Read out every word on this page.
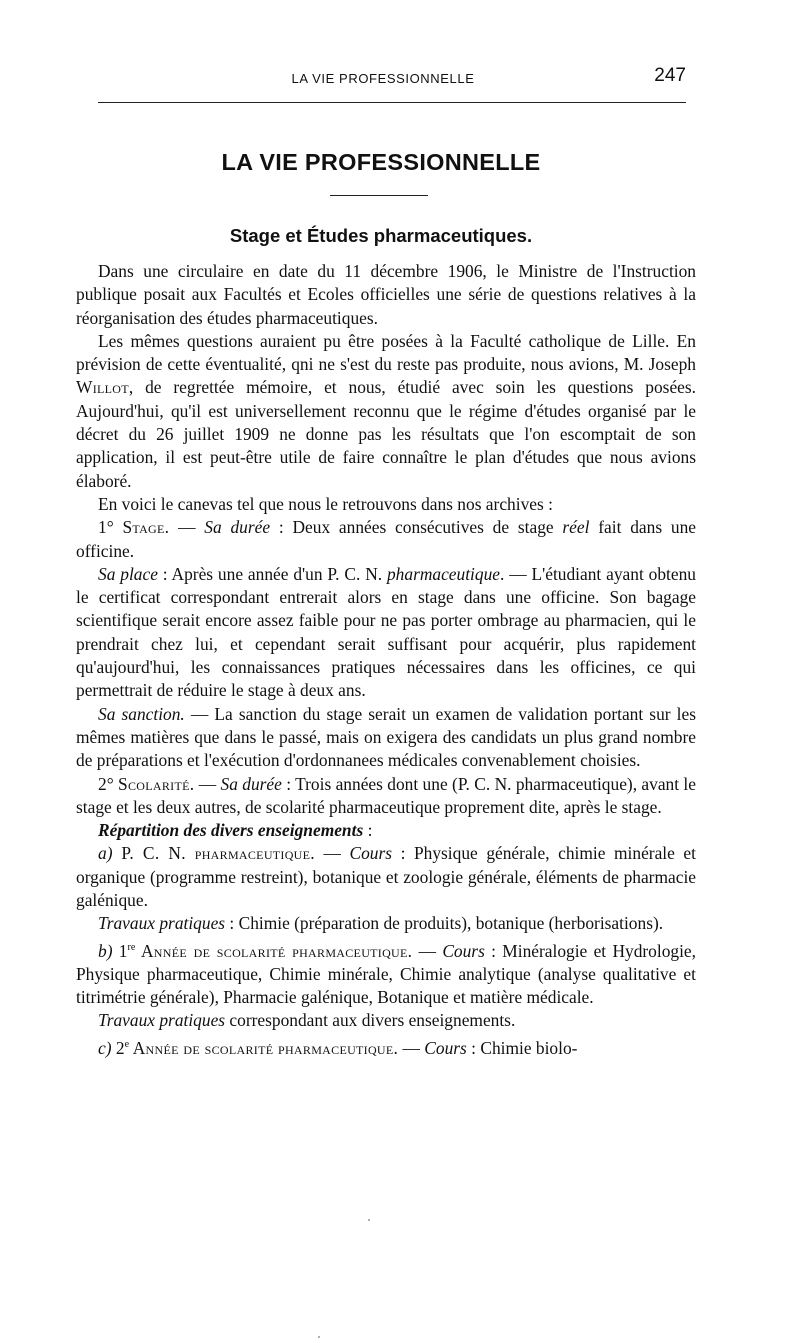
LA VIE PROFESSIONNELLE	247
LA VIE PROFESSIONNELLE
Stage et Études pharmaceutiques.

Dans une circulaire en date du 11 décembre 1906, le Ministre de l'Instruction publique posait aux Facultés et Ecoles officielles une série de questions relatives à la réorganisation des études pharmaceutiques.

Les mêmes questions auraient pu être posées à la Faculté catholique de Lille. En prévision de cette éventualité, qni ne s'est du reste pas produite, nous avions, M. Joseph Willot, de regrettée mémoire, et nous, étudié avec soin les questions posées. Aujourd'hui, qu'il est universellement reconnu que le régime d'études organisé par le décret du 26 juillet 1909 ne donne pas les résultats que l'on escomptait de son application, il est peut-être utile de faire connaître le plan d'études que nous avions élaboré.

En voici le canevas tel que nous le retrouvons dans nos archives :

1° Stage. — Sa durée : Deux années consécutives de stage réel fait dans une officine.

Sa place : Après une année d'un P. C. N. pharmaceutique. — L'étudiant ayant obtenu le certificat correspondant entrerait alors en stage dans une officine. Son bagage scientifique serait encore assez faible pour ne pas porter ombrage au pharmacien, qui le prendrait chez lui, et cependant serait suffisant pour acquérir, plus rapidement qu'aujourd'hui, les connaissances pratiques nécessaires dans les officines, ce qui permettrait de réduire le stage à deux ans.

Sa sanction. — La sanction du stage serait un examen de validation portant sur les mêmes matières que dans le passé, mais on exigera des candidats un plus grand nombre de préparations et l'exécution d'ordonnanees médicales convenablement choisies.

2° Scolarité. — Sa durée : Trois années dont une (P. C. N. pharmaceutique), avant le stage et les deux autres, de scolarité pharmaceutique proprement dite, après le stage.

Répartition des divers enseignements :

a) P. C. N. pharmaceutique. — Cours : Physique générale, chimie minérale et organique (programme restreint), botanique et zoologie générale, éléments de pharmacie galénique.

Travaux pratiques : Chimie (préparation de produits), botanique (herborisations).

b) 1re Année de scolarité pharmaceutique. — Cours : Minéralogie et Hydrologie, Physique pharmaceutique, Chimie minérale, Chimie analytique (analyse qualitative et titrimétrie générale), Pharmacie galénique, Botanique et matière médicale.

Travaux pratiques correspondant aux divers enseignements.

c) 2e Année de scolarité pharmaceutique. — Cours : Chimie biolo-
